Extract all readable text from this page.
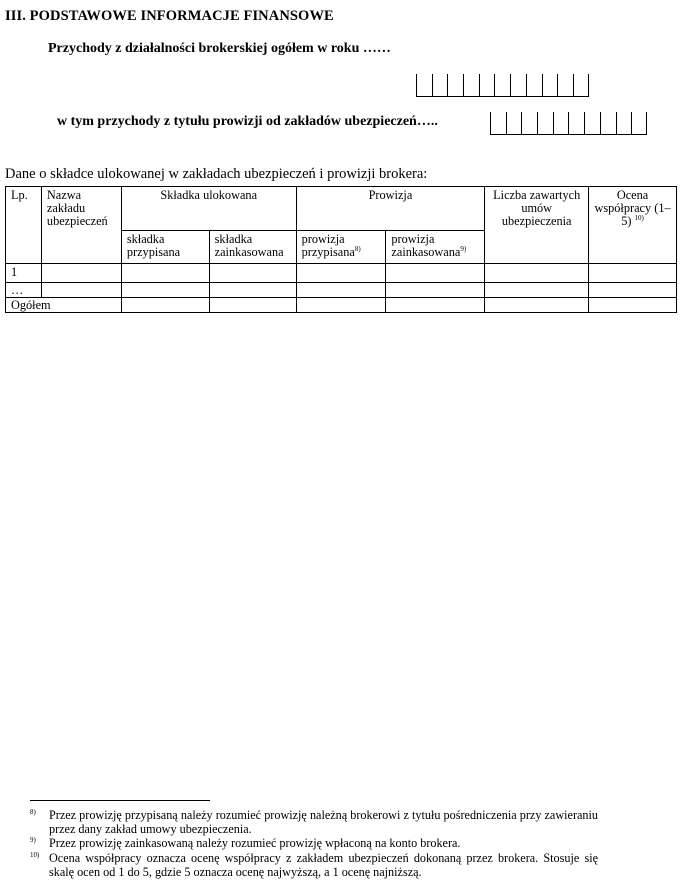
III. PODSTAWOWE INFORMACJE FINANSOWE
Przychody z działalności brokerskiej ogółem w roku ……
w tym przychody z tytułu prowizji od zakładów ubezpieczeń…..
Dane o składce ulokowanej w zakładach ubezpieczeń i prowizji brokera:
Lp.	Nazwa zakładu ubezpieczeń	Składka ulokowana		Prowizja		Liczba zawartych umów ubezpieczenia	Ocena współpracy (1–5) $^{10)}$
		składka przypisana	składka zainkasowana	prowizja przypisana$^{8)}$	prowizja zainkasowana$^{9)}$
1							
…							
Ogółem							
8) Przez prowizję przypisaną należy rozumieć prowizję należną brokerowi z tytułu pośredniczenia przy zawieraniu przez dany zakład umowy ubezpieczenia.
9) Przez prowizję zainkasowaną należy rozumieć prowizję wpłaconą na konto brokera.
10) Ocena współpracy oznacza ocenę współpracy z zakładem ubezpieczeń dokonaną przez brokera. Stosuje się skalę ocen od 1 do 5, gdzie 5 oznacza ocenę najwyższą, a 1 ocenę najniższą.
